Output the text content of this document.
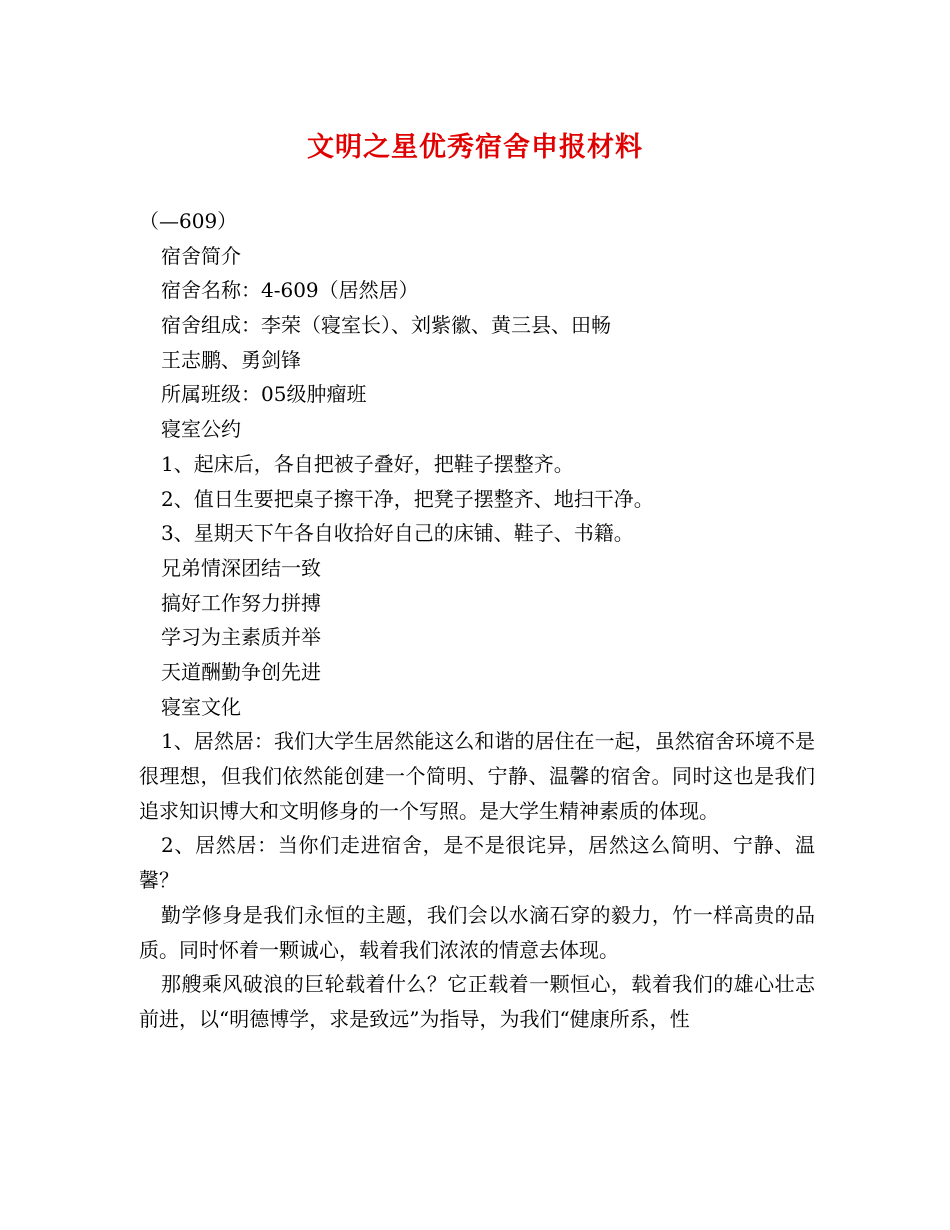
文明之星优秀宿舍申报材料
（—609）
宿舍简介
宿舍名称：4-609（居然居）
宿舍组成：李荣（寝室长）、刘紫徽、黄三县、田畅
王志鹏、勇剑锋
所属班级：05级肿瘤班
寝室公约
1、起床后，各自把被子叠好，把鞋子摆整齐。
2、值日生要把桌子擦干净，把凳子摆整齐、地扫干净。
3、星期天下午各自收拾好自己的床铺、鞋子、书籍。
兄弟情深团结一致
搞好工作努力拼搏
学习为主素质并举
天道酬勤争创先进
寝室文化
1、居然居：我们大学生居然能这么和谐的居住在一起，虽然宿舍环境不是很理想，但我们依然能创建一个简明、宁静、温馨的宿舍。同时这也是我们追求知识博大和文明修身的一个写照。是大学生精神素质的体现。
2、居然居：当你们走进宿舍，是不是很诧异，居然这么简明、宁静、温馨？
勤学修身是我们永恒的主题，我们会以水滴石穿的毅力，竹一样高贵的品质。同时怀着一颗诚心，载着我们浓浓的情意去体现。
那艘乘风破浪的巨轮载着什么？它正载着一颗恒心，载着我们的雄心壮志前进，以“明德博学，求是致远”为指导，为我们“健康所系，性
